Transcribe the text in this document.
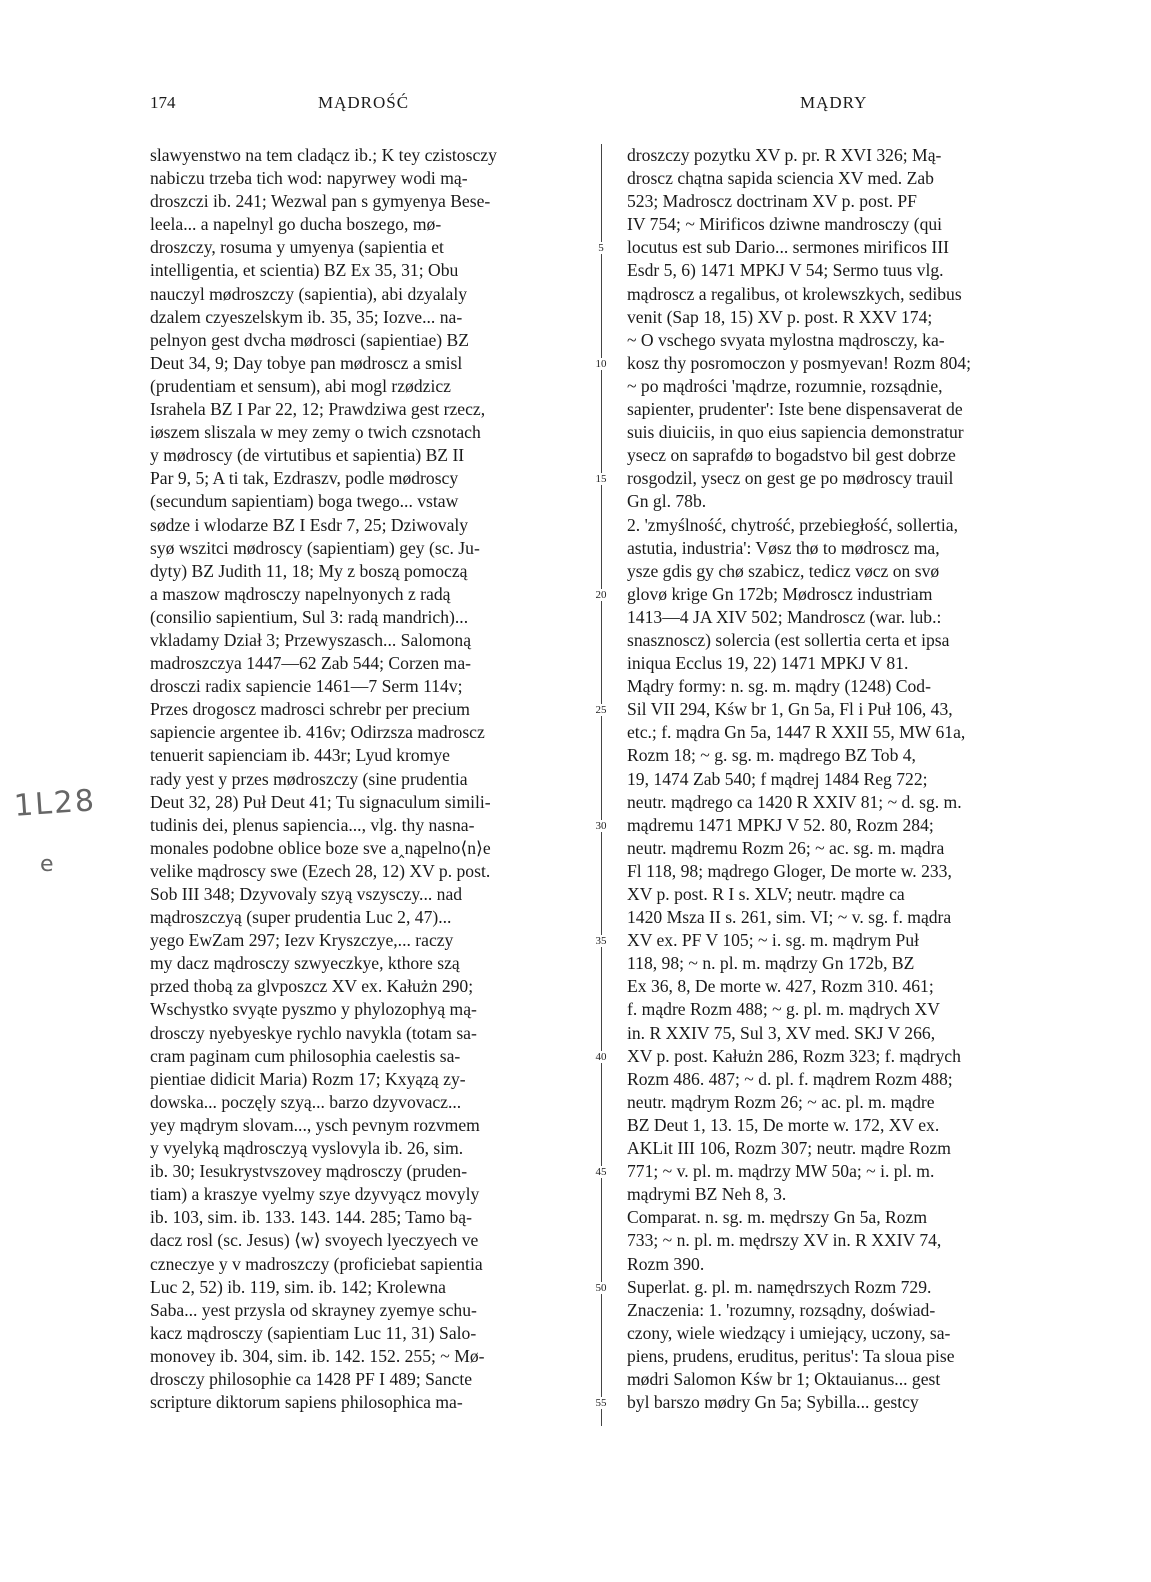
174	MĄDROŚĆ	MĄDRY
slawyenstwo na tem cladącz ib.; K tey czistosczy
nabiczu trzeba tich wod: napyrwey wodi mą-
droszczi ib. 241; Wezwal pan s gymyenya Bese-
leela... a napelnyl go ducha boszego, mø-
droszczy, rosuma y umyenya (sapientia et
intelligentia, et scientia) BZ Ex 35, 31; Obu
nauczyl mødroszczy (sapientia), abi dzyalaly
dzalem czyeszelskym ib. 35, 35; Iozve... na-
pelnyon gest dvcha mødrosci (sapientiae) BZ
Deut 34, 9; Day tobye pan mødroscz a smisl
(prudentiam et sensum), abi mogl rzødzicz
Israhela BZ I Par 22, 12; Prawdziwa gest rzecz,
iøszem sliszala w mey zemy o twich czsnotach
y mødroscy (de virtutibus et sapientia) BZ II
Par 9, 5; A ti tak, Ezdraszv, podle mødroscy
(secundum sapientiam) boga twego... vstaw
sødze i wlodarze BZ I Esdr 7, 25; Dziwovaly
syø wszitci mødroscy (sapientiam) gey (sc. Ju-
dyty) BZ Judith 11, 18; My z boszą pomoczą
a maszow mądrosczy napelnyonych z radą
(consilio sapientium, Sul 3: radą mandrich)...
vkladamy Dział 3; Przewyszasch... Salomoną
madroszczya 1447—62 Zab 544; Corzen ma-
drosczi radix sapiencie 1461—7 Serm 114v;
Przes drogoscz madrosci schrebr per precium
sapiencie argentee ib. 416v; Odirzsza madroscz
tenuerit sapienciam ib. 443r; Lyud kromye
rady yest y przes mødroszczy (sine prudentia
Deut 32, 28) Puł Deut 41; Tu signaculum simili-
tudinis dei, plenus sapiencia..., vlg. thy nasna-
monales podobne oblice boze sve a‸nąpelno⟨n⟩e
velike mądroscy swe (Ezech 28, 12) XV p. post.
Sob III 348; Dzyvovaly szyą vszysczy... nad
mądroszczyą (super prudentia Luc 2, 47)...
yego EwZam 297; Iezv Kryszczye,... raczy
my dacz mądrosczy szwyeczkye, kthore szą
przed thobą za glvposzcz XV ex. Kałużn 290;
Wschystko svyąte pyszmo y phylozophyą mą-
drosczy nyebyeskye rychlo navykla (totam sa-
cram paginam cum philosophia caelestis sa-
pientiae didicit Maria) Rozm 17; Kxyązą zy-
dowska... poczęly szyą... barzo dzyvovacz...
yey mądrym slovam..., ysch pevnym rozvmem
y vyelyką mądrosczyą vyslovyla ib. 26, sim.
ib. 30; Iesukrystvszovey mądrosczy (pruden-
tiam) a kraszye vyelmy szye dzyvyącz movyly
ib. 103, sim. ib. 133. 143. 144. 285; Tamo bą-
dacz rosl (sc. Jesus) ⟨w⟩ svoyech lyeczyech ve
czneczye y v madroszczy (proficiebat sapientia
Luc 2, 52) ib. 119, sim. ib. 142; Krolewna
Saba... yest przysla od skrayney zyemye schu-
kacz mądrosczy (sapientiam Luc 11, 31) Salo-
monovey ib. 304, sim. ib. 142. 152. 255; ~ Mø-
drosczy philosophie ca 1428 PF I 489; Sancte
scripture diktorum sapiens philosophica ma-
5
10
15
20
25
30
35
40
45
50
55
droszczy pozytku XV p. pr. R XVI 326; Mą-
droscz chątna sapida sciencia XV med. Zab
523; Madroscz doctrinam XV p. post. PF
IV 754; ~ Mirificos dziwne mandrosczy (qui
locutus est sub Dario... sermones mirificos III
Esdr 5, 6) 1471 MPKJ V 54; Sermo tuus vlg.
mądroscz a regalibus, ot krolewszkych, sedibus
venit (Sap 18, 15) XV p. post. R XXV 174;
~ O vschego svyata mylostna mądrosczy, ka-
kosz thy posromoczon y posmyevan! Rozm 804;
~ po mądrości 'mądrze, rozumnie, rozsądnie,
sapienter, prudenter': Iste bene dispensaverat de
suis diuiciis, in quo eius sapiencia demonstratur
ysecz on saprafdø to bogadstvo bil gest dobrze
rosgodzil, ysecz on gest ge po mødroscy trauil
Gn gl. 78b.
2. 'zmyślność, chytrość, przebiegłość, sollertia,
astutia, industria': Vøsz thø to mødroscz ma,
ysze gdis gy chø szabicz, tedicz vøcz on svø
glovø krige Gn 172b; Mødroscz industriam
1413—4 JA XIV 502; Mandroscz (war. lub.:
snasznoscz) solercia (est sollertia certa et ipsa
iniqua Ecclus 19, 22) 1471 MPKJ V 81.
Mądry formy: n. sg. m. mądry (1248) Cod-
Sil VII 294, Kśw br 1, Gn 5a, Fl i Puł 106, 43,
etc.; f. mądra Gn 5a, 1447 R XXII 55, MW 61a,
Rozm 18; ~ g. sg. m. mądrego BZ Tob 4,
19, 1474 Zab 540; f mądrej 1484 Reg 722;
neutr. mądrego ca 1420 R XXIV 81; ~ d. sg. m.
mądremu 1471 MPKJ V 52. 80, Rozm 284;
neutr. mądremu Rozm 26; ~ ac. sg. m. mądra
Fl 118, 98; mądrego Gloger, De morte w. 233,
XV p. post. R I s. XLV; neutr. mądre ca
1420 Msza II s. 261, sim. VI; ~ v. sg. f. mądra
XV ex. PF V 105; ~ i. sg. m. mądrym Puł
118, 98; ~ n. pl. m. mądrzy Gn 172b, BZ
Ex 36, 8, De morte w. 427, Rozm 310. 461;
f. mądre Rozm 488; ~ g. pl. m. mądrych XV
in. R XXIV 75, Sul 3, XV med. SKJ V 266,
XV p. post. Kałużn 286, Rozm 323; f. mądrych
Rozm 486. 487; ~ d. pl. f. mądrem Rozm 488;
neutr. mądrym Rozm 26; ~ ac. pl. m. mądre
BZ Deut 1, 13. 15, De morte w. 172, XV ex.
AKLit III 106, Rozm 307; neutr. mądre Rozm
771; ~ v. pl. m. mądrzy MW 50a; ~ i. pl. m.
mądrymi BZ Neh 8, 3.
Comparat. n. sg. m. mędrszy Gn 5a, Rozm
733; ~ n. pl. m. mędrszy XV in. R XXIV 74,
Rozm 390.
Superlat. g. pl. m. namędrszych Rozm 729.
Znaczenia: 1. 'rozumny, rozsądny, doświad-
czony, wiele wiedzący i umiejący, uczony, sa-
piens, prudens, eruditus, peritus': Ta sloua pise
mødri Salomon Kśw br 1; Oktauianus... gest
byl barszo mødry Gn 5a; Sybilla... gestcy
1L28
e
